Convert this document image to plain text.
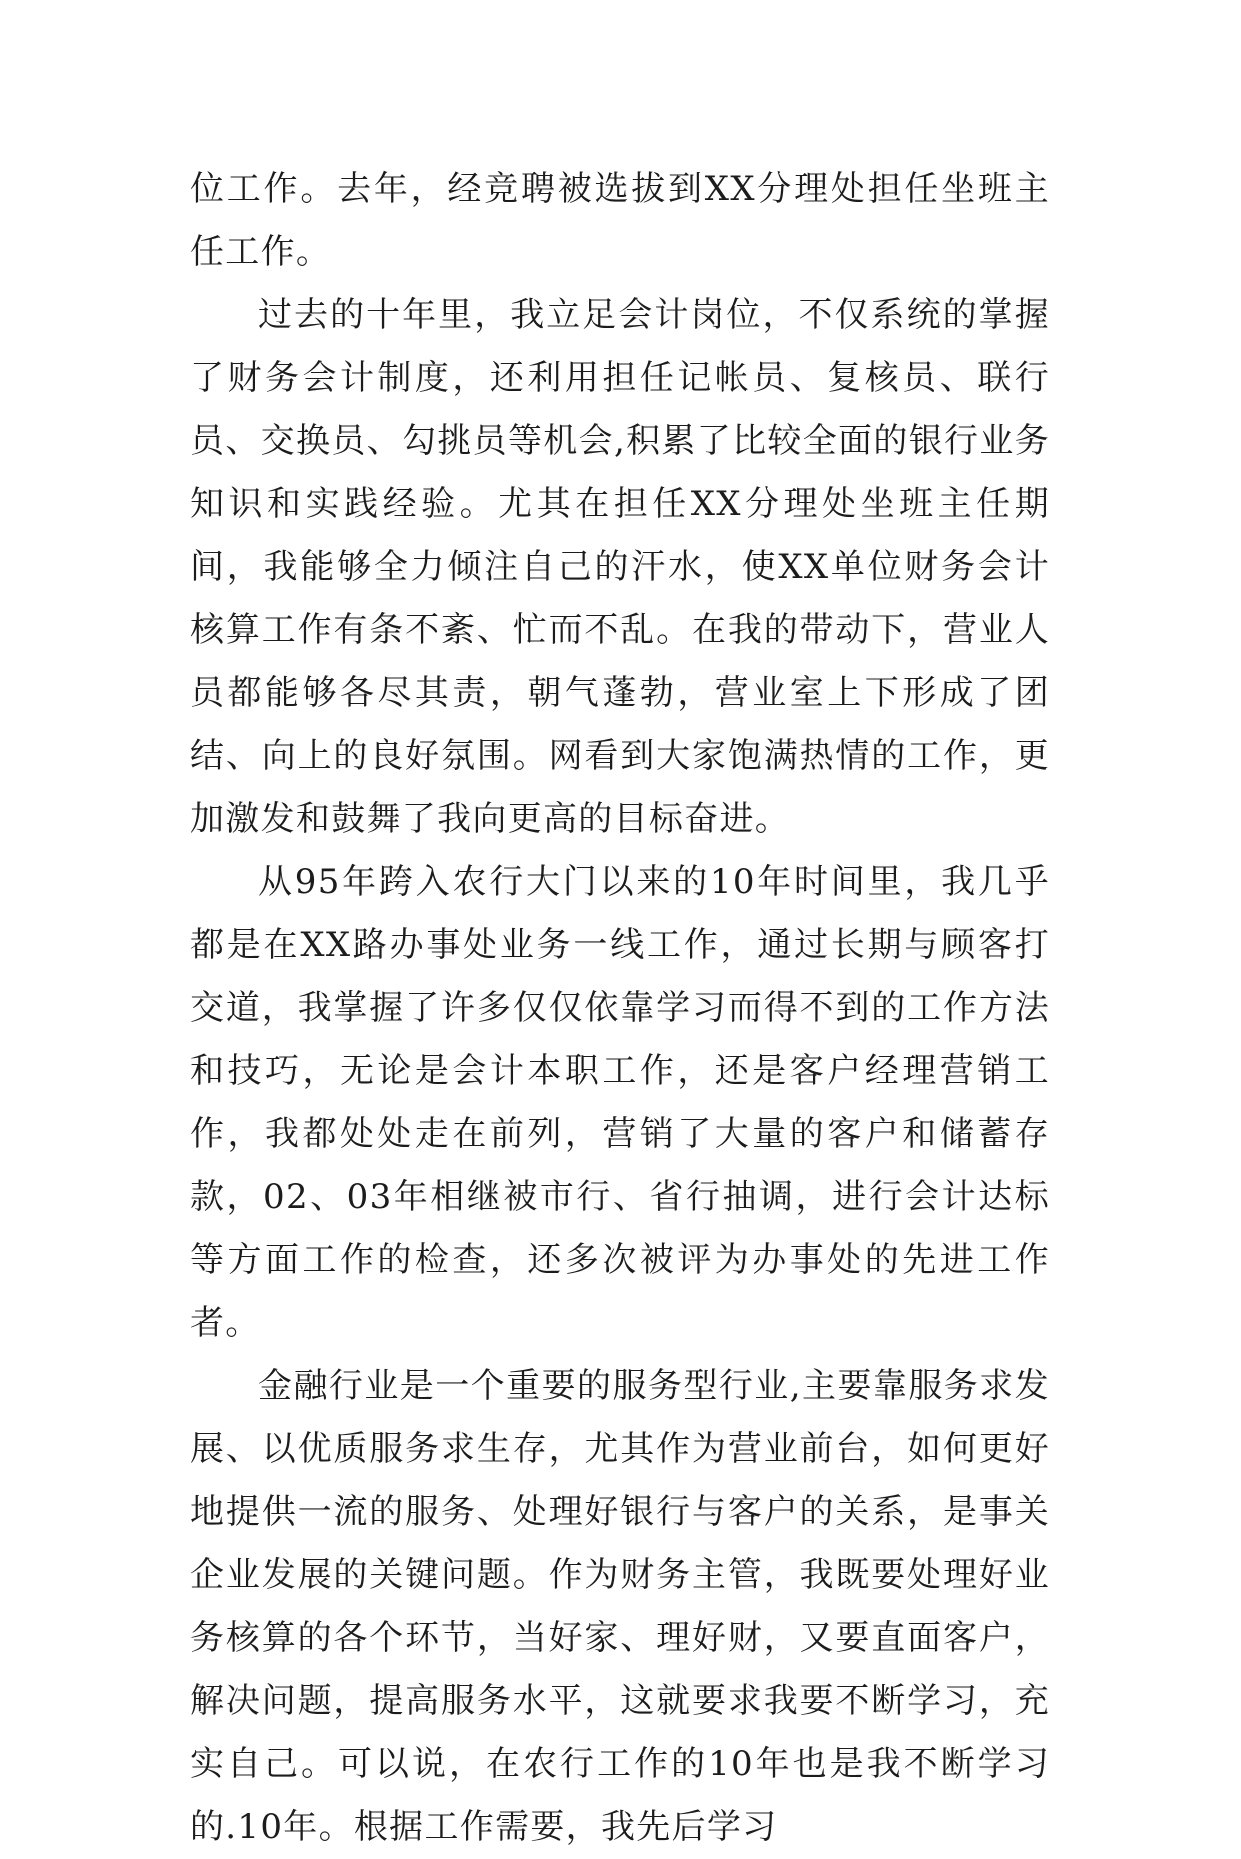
位工作。去年，经竞聘被选拔到XX分理处担任坐班主任工作。

过去的十年里，我立足会计岗位，不仅系统的掌握了财务会计制度，还利用担任记帐员、复核员、联行员、交换员、勾挑员等机会,积累了比较全面的银行业务知识和实践经验。尤其在担任XX分理处坐班主任期间，我能够全力倾注自己的汗水，使XX单位财务会计核算工作有条不紊、忙而不乱。在我的带动下，营业人员都能够各尽其责，朝气蓬勃，营业室上下形成了团结、向上的良好氛围。网看到大家饱满热情的工作，更加激发和鼓舞了我向更高的目标奋进。

从95年跨入农行大门以来的10年时间里，我几乎都是在XX路办事处业务一线工作，通过长期与顾客打交道，我掌握了许多仅仅依靠学习而得不到的工作方法和技巧，无论是会计本职工作，还是客户经理营销工作，我都处处走在前列，营销了大量的客户和储蓄存款，02、03年相继被市行、省行抽调，进行会计达标等方面工作的检查，还多次被评为办事处的先进工作者。

金融行业是一个重要的服务型行业,主要靠服务求发展、以优质服务求生存，尤其作为营业前台，如何更好地提供一流的服务、处理好银行与客户的关系，是事关企业发展的关键问题。作为财务主管，我既要处理好业务核算的各个环节，当好家、理好财，又要直面客户，解决问题，提高服务水平，这就要求我要不断学习，充实自己。可以说，在农行工作的10年也是我不断学习的.10年。根据工作需要，我先后学习
